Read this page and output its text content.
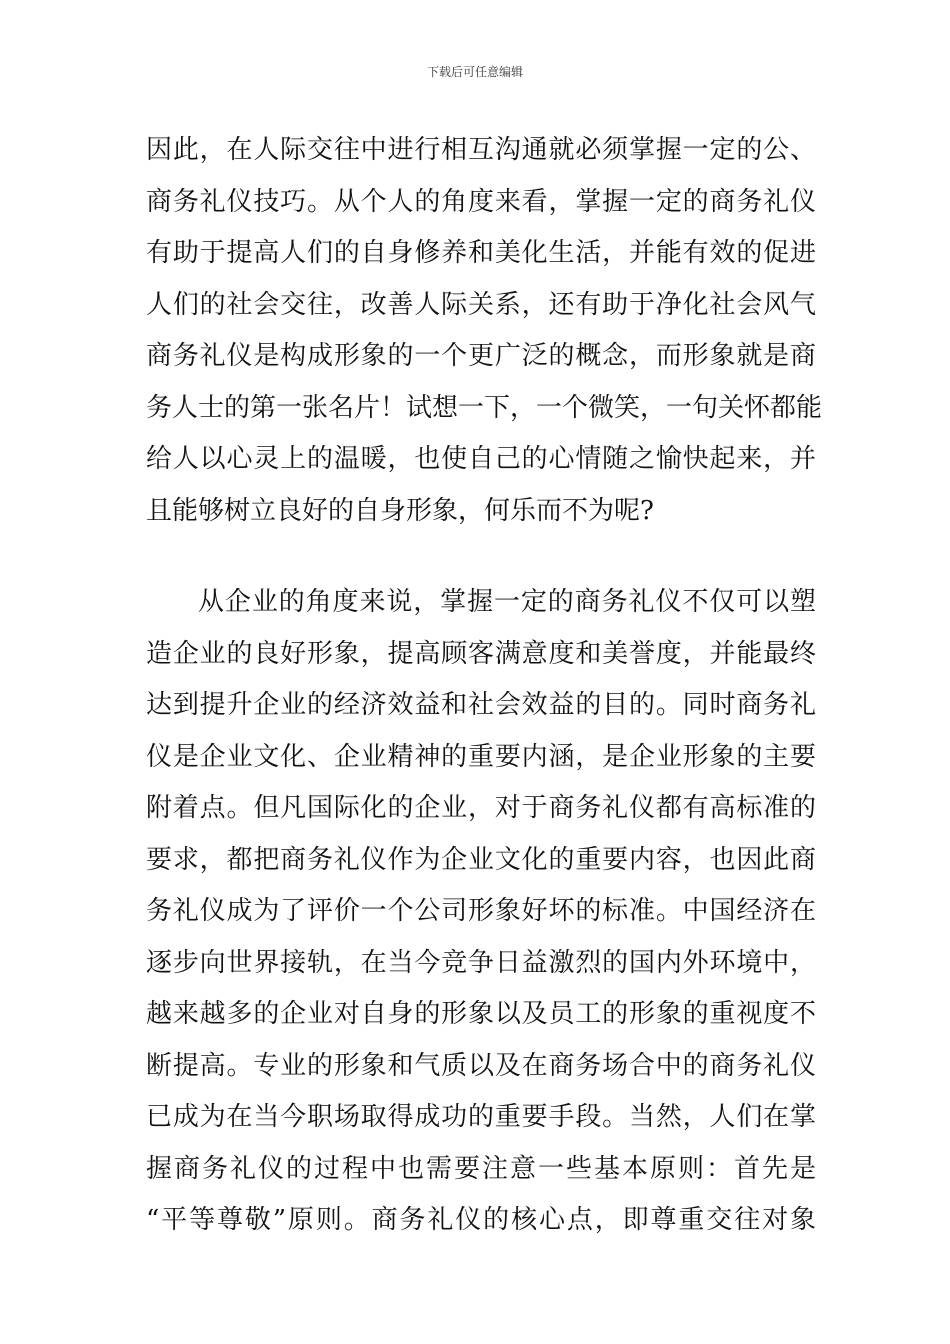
下载后可任意编辑
因此，在人际交往中进行相互沟通就必须掌握一定的公、
商务礼仪技巧。从个人的角度来看，掌握一定的商务礼仪
有助于提高人们的自身修养和美化生活，并能有效的促进
人们的社会交往，改善人际关系，还有助于净化社会风气
商务礼仪是构成形象的一个更广泛的概念，而形象就是商
务人士的第一张名片！试想一下，一个微笑，一句关怀都能
给人以心灵上的温暖，也使自己的心情随之愉快起来，并
且能够树立良好的自身形象，何乐而不为呢?
从企业的角度来说，掌握一定的商务礼仪不仅可以塑
造企业的良好形象，提高顾客满意度和美誉度，并能最终
达到提升企业的经济效益和社会效益的目的。同时商务礼
仪是企业文化、企业精神的重要内涵，是企业形象的主要
附着点。但凡国际化的企业，对于商务礼仪都有高标准的
要求，都把商务礼仪作为企业文化的重要内容，也因此商
务礼仪成为了评价一个公司形象好坏的标准。中国经济在
逐步向世界接轨，在当今竞争日益激烈的国内外环境中，
越来越多的企业对自身的形象以及员工的形象的重视度不
断提高。专业的形象和气质以及在商务场合中的商务礼仪
已成为在当今职场取得成功的重要手段。当然，人们在掌
握商务礼仪的过程中也需要注意一些基本原则：首先是
“平等尊敬”原则。商务礼仪的核心点，即尊重交往对象
